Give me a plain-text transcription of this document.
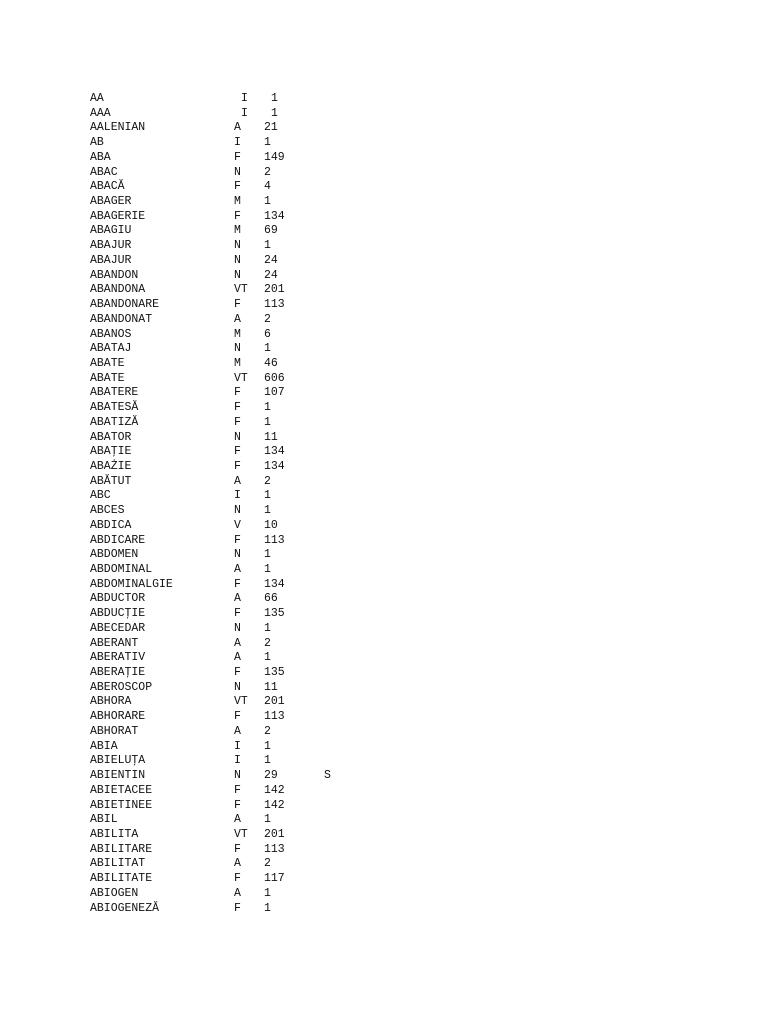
AA	I 1
AAA	I 1
AALENIAN	A 21
AB	I 1
ABA	F 149
ABAC	N 2
ABACĂ	F 4
ABAGER	M 1
ABAGERIE	F 134
ABAGIU	M 69
ABAJUR	N 1
ABAJUR	N 24
ABANDON	N 24
ABANDONA	VT 201
ABANDONARE	F 113
ABANDONAT	A 2
ABANOS	M 6
ABATAJ	N 1
ABATE	M 46
ABATE	VT 606
ABATERE	F 107
ABATESĂ	F 1
ABATIZĂ	F 1
ABATOR	N 11
ABAŢIE	F 134
ABAŻIE	F 134
ABĂTUT	A 2
ABC	I 1
ABCES	N 1
ABDICA	V 10
ABDICARE	F 113
ABDOMEN	N 1
ABDOMINAL	A 1
ABDOMINALGIE	F 134
ABDUCTOR	A 66
ABDUCŢIE	F 135
ABECEDAR	N 1
ABERANT	A 2
ABERATIV	A 1
ABERAŢIE	F 135
ABEROSCOP	N 11
ABHORA	VT 201
ABHORARE	F 113
ABHORAT	A 2
ABIA	I 1
ABIELUŢA	I 1
ABIENTIN	N 29	S
ABIETACEE	F 142
ABIETINEE	F 142
ABIL	A 1
ABILITA	VT 201
ABILITARE	F 113
ABILITAT	A 2
ABILITATE	F 117
ABIOGEN	A 1
ABIOGENEZĂ	F 1
